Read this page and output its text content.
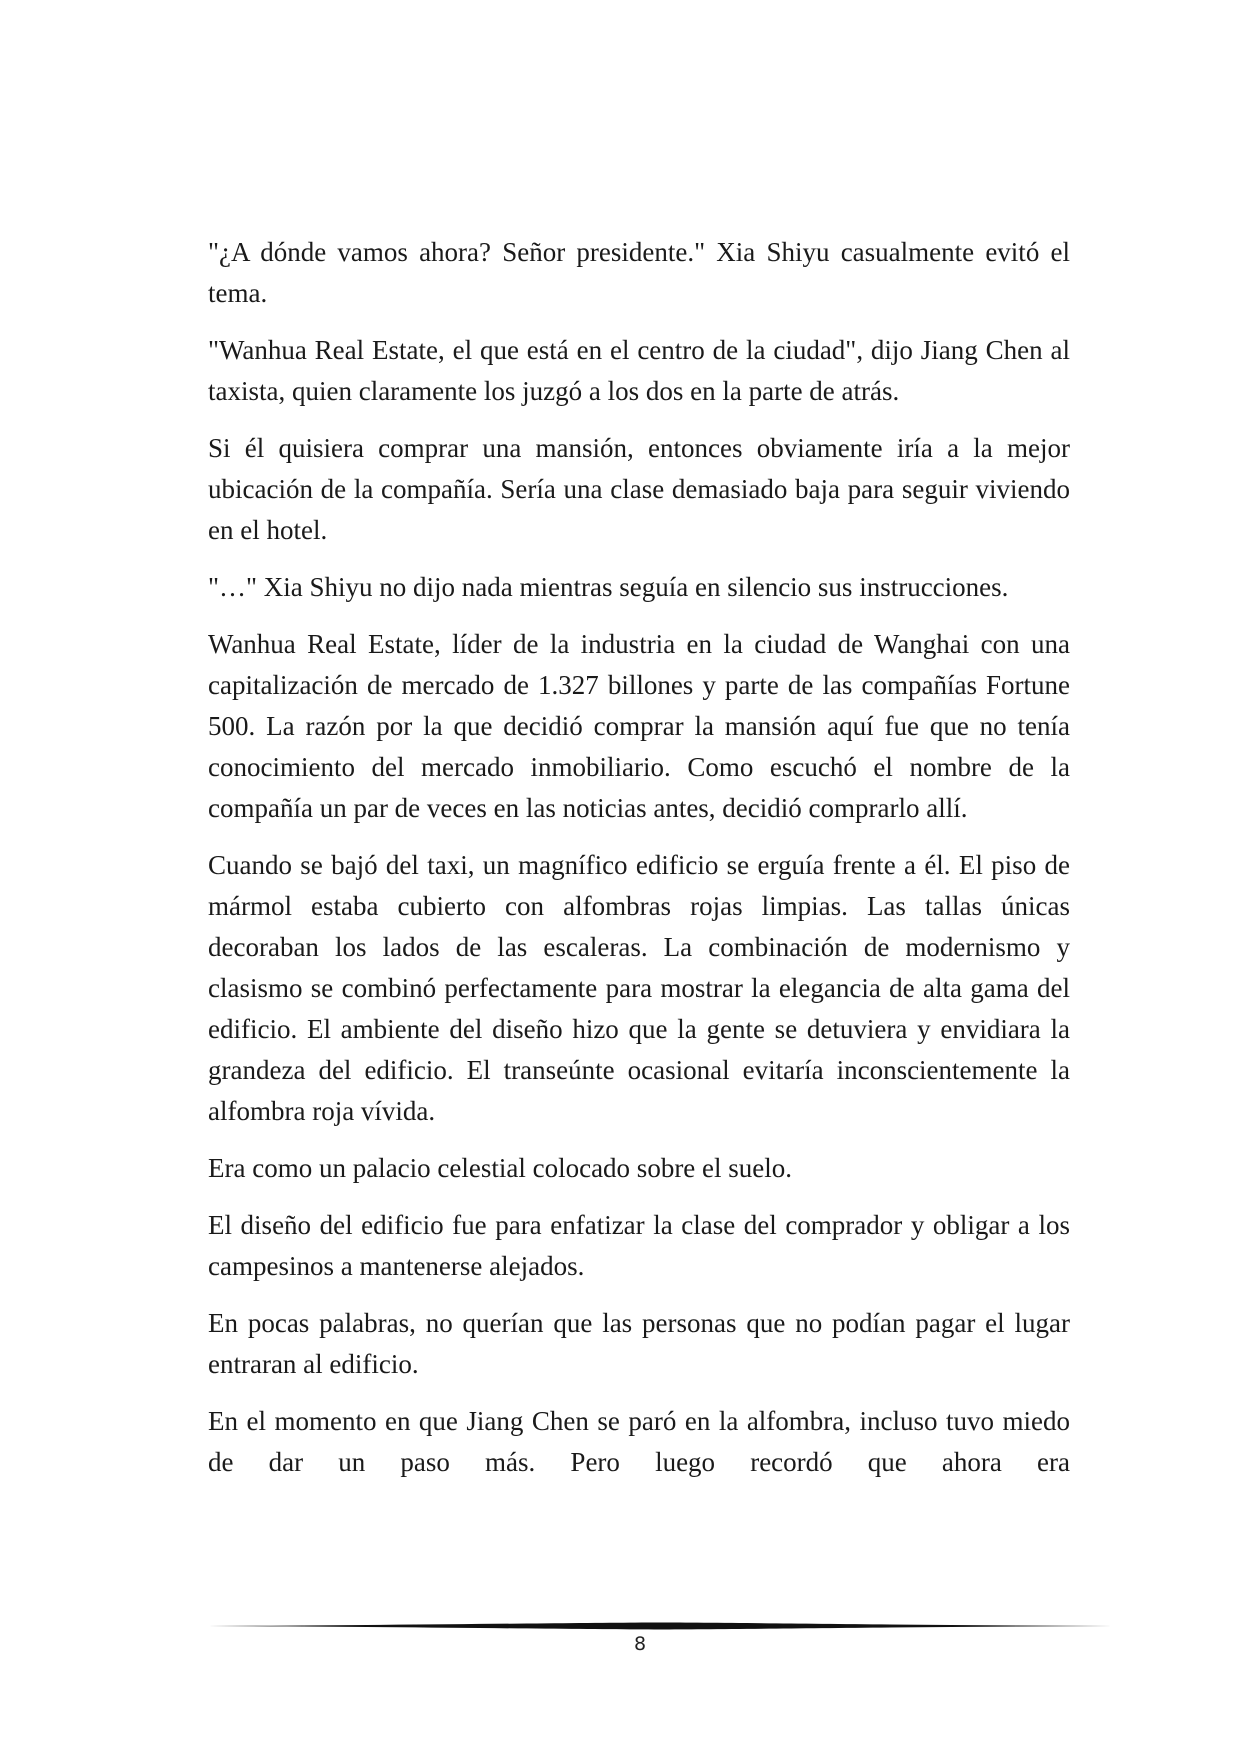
"¿A dónde vamos ahora? Señor presidente." Xia Shiyu casualmente evitó el tema.

"Wanhua Real Estate, el que está en el centro de la ciudad", dijo Jiang Chen al taxista, quien claramente los juzgó a los dos en la parte de atrás.

Si él quisiera comprar una mansión, entonces obviamente iría a la mejor ubicación de la compañía. Sería una clase demasiado baja para seguir viviendo en el hotel.

"…" Xia Shiyu no dijo nada mientras seguía en silencio sus instrucciones.

Wanhua Real Estate, líder de la industria en la ciudad de Wanghai con una capitalización de mercado de 1.327 billones y parte de las compañías Fortune 500. La razón por la que decidió comprar la mansión aquí fue que no tenía conocimiento del mercado inmobiliario. Como escuchó el nombre de la compañía un par de veces en las noticias antes, decidió comprarlo allí.

Cuando se bajó del taxi, un magnífico edificio se erguía frente a él. El piso de mármol estaba cubierto con alfombras rojas limpias. Las tallas únicas decoraban los lados de las escaleras. La combinación de modernismo y clasismo se combinó perfectamente para mostrar la elegancia de alta gama del edificio. El ambiente del diseño hizo que la gente se detuviera y envidiara la grandeza del edificio. El transeúnte ocasional evitaría inconscientemente la alfombra roja vívida.

Era como un palacio celestial colocado sobre el suelo.

El diseño del edificio fue para enfatizar la clase del comprador y obligar a los campesinos a mantenerse alejados.

En pocas palabras, no querían que las personas que no podían pagar el lugar entraran al edificio.

En el momento en que Jiang Chen se paró en la alfombra, incluso tuvo miedo de dar un paso más. Pero luego recordó que ahora era

8
